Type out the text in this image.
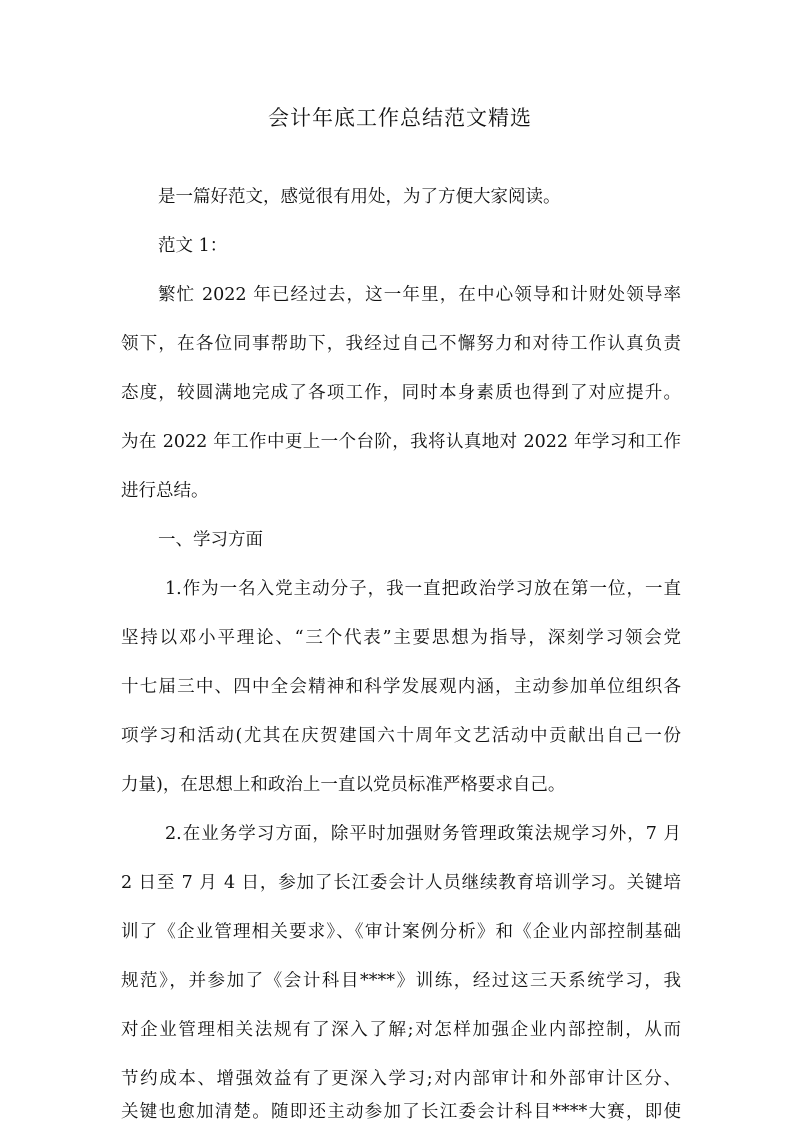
会计年底工作总结范文精选

是一篇好范文，感觉很有用处，为了方便大家阅读。

范文 1：

繁忙 2022 年已经过去，这一年里，在中心领导和计财处领导率

领下，在各位同事帮助下，我经过自己不懈努力和对待工作认真负责

态度，较圆满地完成了各项工作，同时本身素质也得到了对应提升。

为在 2022 年工作中更上一个台阶，我将认真地对 2022 年学习和工作

进行总结。

一、学习方面

1.作为一名入党主动分子，我一直把政治学习放在第一位，一直

坚持以邓小平理论、“三个代表”主要思想为指导，深刻学习领会党

十七届三中、四中全会精神和科学发展观内涵，主动参加单位组织各

项学习和活动(尤其在庆贺建国六十周年文艺活动中贡献出自己一份

力量)，在思想上和政治上一直以党员标准严格要求自己。

2.在业务学习方面，除平时加强财务管理政策法规学习外，7 月

2 日至 7 月 4 日，参加了长江委会计人员继续教育培训学习。关键培

训了《企业管理相关要求》、《审计案例分析》和《企业内部控制基础

规范》，并参加了《会计科目****》训练，经过这三天系统学习，我

对企业管理相关法规有了深入了解;对怎样加强企业内部控制，从而

节约成本、增强效益有了更深入学习;对内部审计和外部审计区分、

关键也愈加清楚。随即还主动参加了长江委会计科目****大赛，即使
